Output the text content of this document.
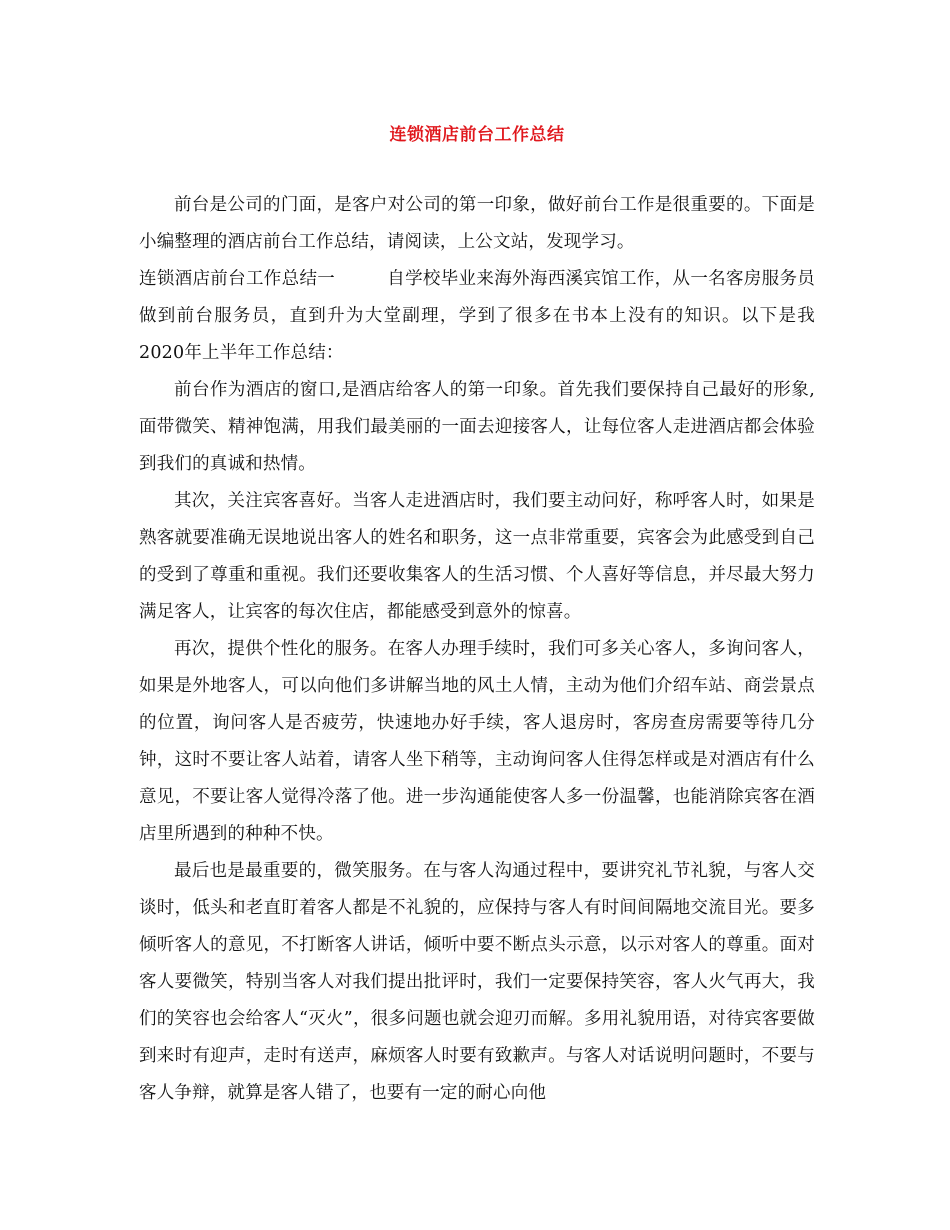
连锁酒店前台工作总结

前台是公司的门面，是客户对公司的第一印象，做好前台工作是很重要的。下面是小编整理的酒店前台工作总结，请阅读，上公文站，发现学习。

连锁酒店前台工作总结一	自学校毕业来海外海西溪宾馆工作，从一名客房服务员做到前台服务员，直到升为大堂副理，学到了很多在书本上没有的知识。以下是我2020年上半年工作总结：

前台作为酒店的窗口,是酒店给客人的第一印象。首先我们要保持自己最好的形象,面带微笑、精神饱满，用我们最美丽的一面去迎接客人，让每位客人走进酒店都会体验到我们的真诚和热情。

其次，关注宾客喜好。当客人走进酒店时，我们要主动问好，称呼客人时，如果是熟客就要准确无误地说出客人的姓名和职务，这一点非常重要，宾客会为此感受到自己的受到了尊重和重视。我们还要收集客人的生活习惯、个人喜好等信息，并尽最大努力满足客人，让宾客的每次住店，都能感受到意外的惊喜。

再次，提供个性化的服务。在客人办理手续时，我们可多关心客人，多询问客人，如果是外地客人，可以向他们多讲解当地的风土人情，主动为他们介绍车站、商尝景点的位置，询问客人是否疲劳，快速地办好手续，客人退房时，客房查房需要等待几分钟，这时不要让客人站着，请客人坐下稍等，主动询问客人住得怎样或是对酒店有什么意见，不要让客人觉得冷落了他。进一步沟通能使客人多一份温馨，也能消除宾客在酒店里所遇到的种种不快。

最后也是最重要的，微笑服务。在与客人沟通过程中，要讲究礼节礼貌，与客人交谈时，低头和老直盯着客人都是不礼貌的，应保持与客人有时间间隔地交流目光。要多倾听客人的意见，不打断客人讲话，倾听中要不断点头示意，以示对客人的尊重。面对客人要微笑，特别当客人对我们提出批评时，我们一定要保持笑容，客人火气再大，我们的笑容也会给客人“灭火”，很多问题也就会迎刃而解。多用礼貌用语，对待宾客要做到来时有迎声，走时有送声，麻烦客人时要有致歉声。与客人对话说明问题时，不要与客人争辩，就算是客人错了，也要有一定的耐心向他
